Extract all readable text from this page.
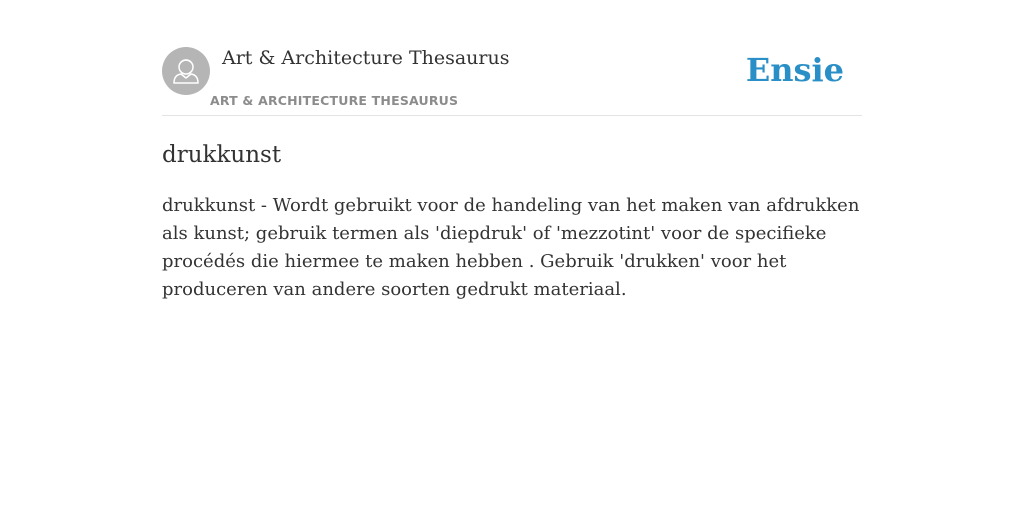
Art & Architecture Thesaurus
ART & ARCHITECTURE THESAURUS
Ensie
drukkunst

drukkunst - Wordt gebruikt voor de handeling van het maken van afdrukken als kunst; gebruik termen als 'diepdruk' of 'mezzotint' voor de specifieke procédés die hiermee te maken hebben . Gebruik 'drukken' voor het produceren van andere soorten gedrukt materiaal.
